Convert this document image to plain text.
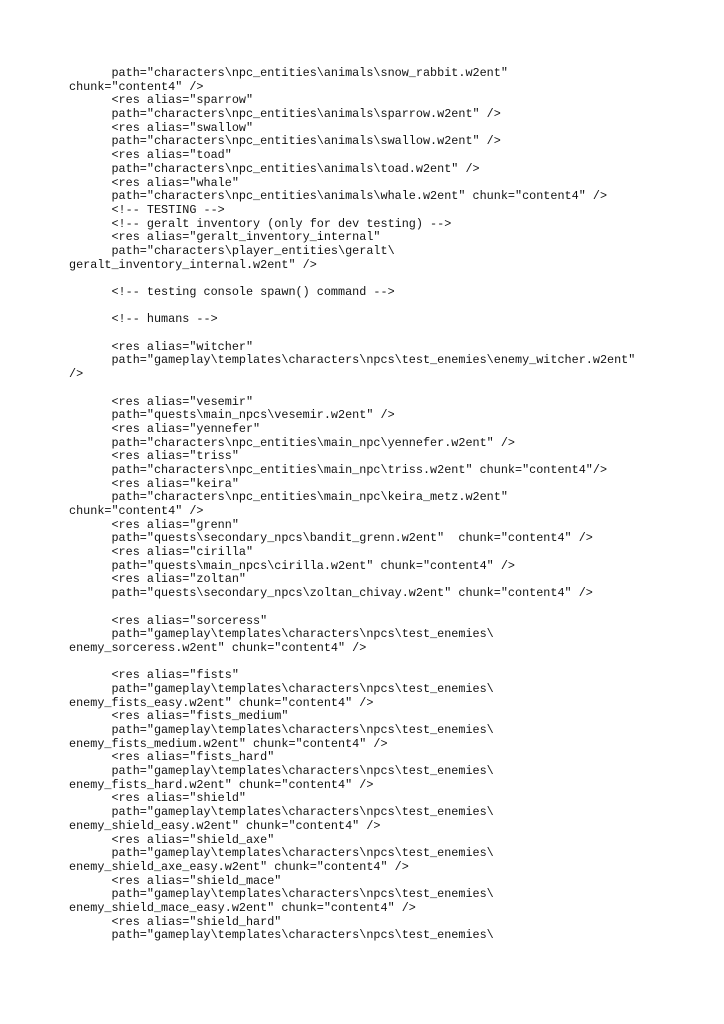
path="characters\npc_entities\animals\snow_rabbit.w2ent"
chunk="content4" />
<res alias="sparrow"
path="characters\npc_entities\animals\sparrow.w2ent" />
<res alias="swallow"
path="characters\npc_entities\animals\swallow.w2ent" />
<res alias="toad"
path="characters\npc_entities\animals\toad.w2ent" />
<res alias="whale"
path="characters\npc_entities\animals\whale.w2ent" chunk="content4" />
<!-- TESTING -->
<!-- geralt inventory (only for dev testing) -->
<res alias="geralt_inventory_internal"
path="characters\player_entities\geralt\
geralt_inventory_internal.w2ent" />
<!-- testing console spawn() command -->
<!-- humans -->
<res alias="witcher"
path="gameplay\templates\characters\npcs\test_enemies\enemy_witcher.w2ent"
/>
<res alias="vesemir"
path="quests\main_npcs\vesemir.w2ent" />
<res alias="yennefer"
path="characters\npc_entities\main_npc\yennefer.w2ent" />
<res alias="triss"
path="characters\npc_entities\main_npc\triss.w2ent" chunk="content4"/>
<res alias="keira"
path="characters\npc_entities\main_npc\keira_metz.w2ent"
chunk="content4" />
<res alias="grenn"
path="quests\secondary_npcs\bandit_grenn.w2ent"  chunk="content4" />
<res alias="cirilla"
path="quests\main_npcs\cirilla.w2ent" chunk="content4" />
<res alias="zoltan"
path="quests\secondary_npcs\zoltan_chivay.w2ent" chunk="content4" />
<res alias="sorceress"
path="gameplay\templates\characters\npcs\test_enemies\
enemy_sorceress.w2ent" chunk="content4" />
<res alias="fists"
path="gameplay\templates\characters\npcs\test_enemies\
enemy_fists_easy.w2ent" chunk="content4" />
<res alias="fists_medium"
path="gameplay\templates\characters\npcs\test_enemies\
enemy_fists_medium.w2ent" chunk="content4" />
<res alias="fists_hard"
path="gameplay\templates\characters\npcs\test_enemies\
enemy_fists_hard.w2ent" chunk="content4" />
<res alias="shield"
path="gameplay\templates\characters\npcs\test_enemies\
enemy_shield_easy.w2ent" chunk="content4" />
<res alias="shield_axe"
path="gameplay\templates\characters\npcs\test_enemies\
enemy_shield_axe_easy.w2ent" chunk="content4" />
<res alias="shield_mace"
path="gameplay\templates\characters\npcs\test_enemies\
enemy_shield_mace_easy.w2ent" chunk="content4" />
<res alias="shield_hard"
path="gameplay\templates\characters\npcs\test_enemies\
